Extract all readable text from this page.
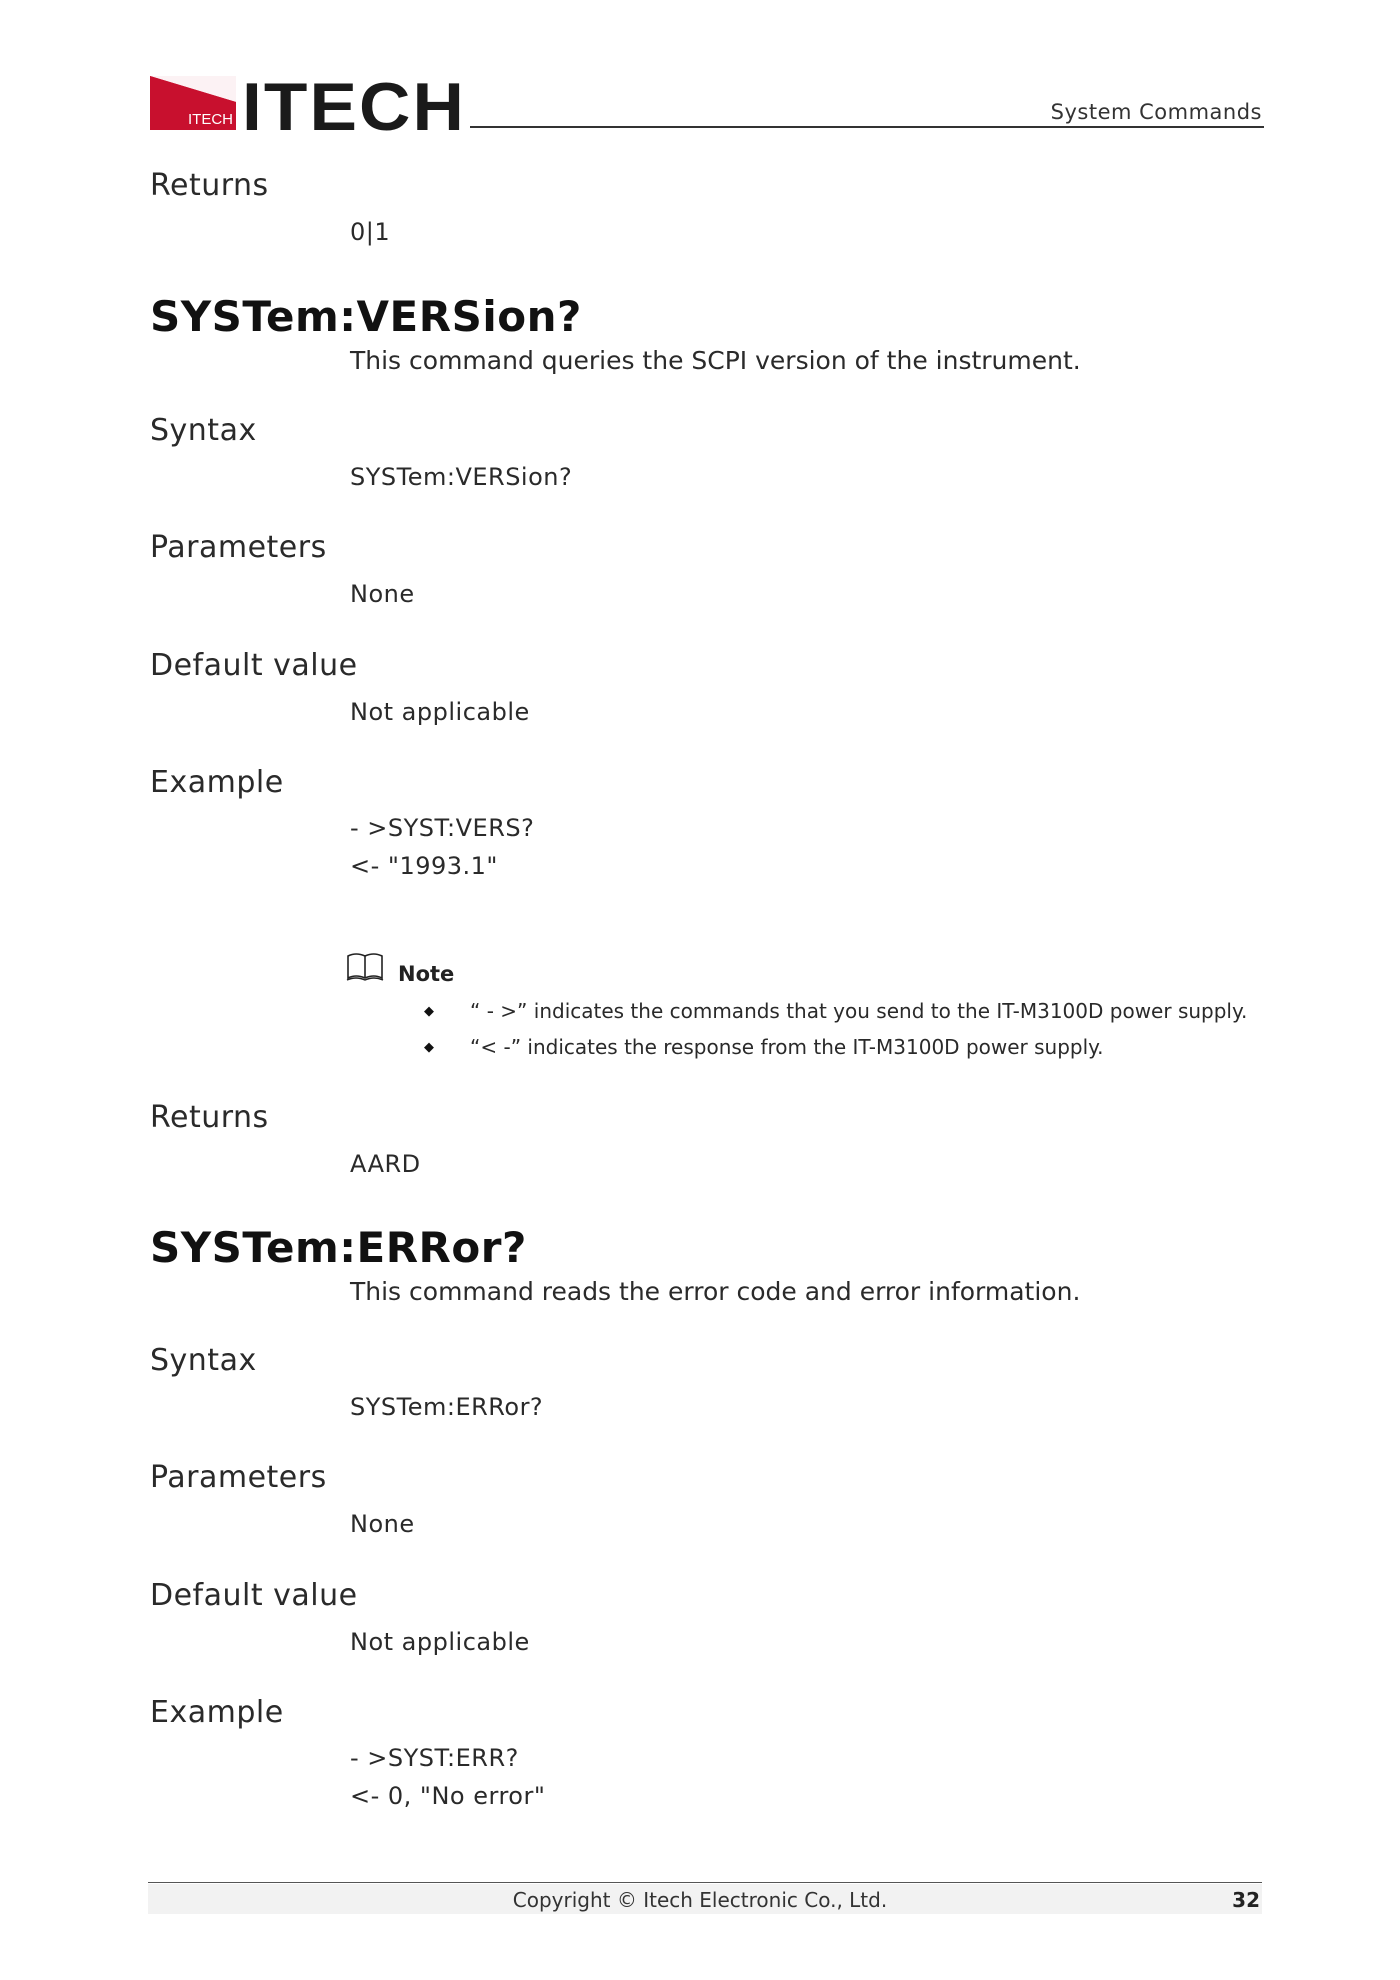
ITECH ITECH	System Commands
Returns
0|1
SYSTem:VERSion?
This command queries the SCPI version of the instrument.
Syntax
SYSTem:VERSion?
Parameters
None
Default value
Not applicable
Example
- >SYST:VERS?
<- "1993.1"
Note
◆ “ - >” indicates the commands that you send to the IT-M3100D power supply.
◆ “< -” indicates the response from the IT-M3100D power supply.
Returns
AARD
SYSTem:ERRor?
This command reads the error code and error information.
Syntax
SYSTem:ERRor?
Parameters
None
Default value
Not applicable
Example
- >SYST:ERR?
<- 0, "No error"
Copyright © Itech Electronic Co., Ltd.	32
